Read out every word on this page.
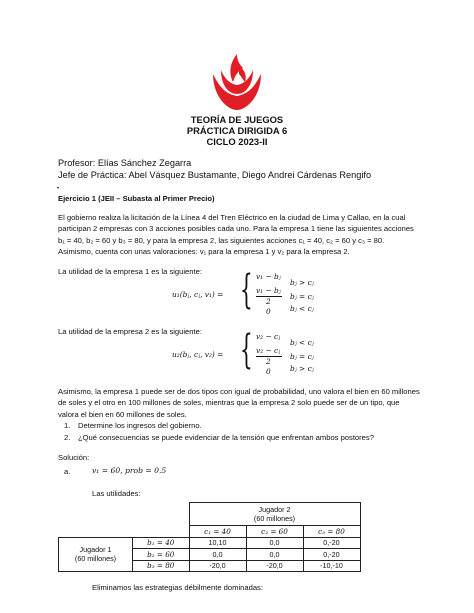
TEORÍA DE JUEGOS
PRÁCTICA DIRIGIDA 6
CICLO 2023-II
Profesor: Elías Sánchez Zegarra
Jefe de Práctica: Abel Vásquez Bustamante, Diego Andrei Cárdenas Rengifo
•
Ejercicio 1 (JEII – Subasta al Primer Precio)
El gobierno realiza la licitación de la Línea 4 del Tren Eléctrico en la ciudad de Lima y Callao, en la cual
participan 2 empresas con 3 acciones posibles cada uno. Para la empresa 1 tiene las siguientes acciones
b₁ = 40, b₂ = 60 y b₃ = 80, y para la empresa 2, las siguientes acciones c₁ = 40, c₂ = 60 y c₃ = 80.
Asimismo, cuenta con unas valoraciones: v₁ para la empresa 1 y v₂ para la empresa 2.
La utilidad de la empresa 1 es la siguiente:
u₁(bⱼ, cⱼ, v₁) = { v₁ − bⱼ
bⱼ > cⱼ
v₁ − bⱼ
2
bⱼ = cⱼ
0	bⱼ < cⱼ
La utilidad de la empresa 2 es la siguiente:
u₂(bⱼ, cⱼ, v₂) = { v₂ − cⱼ
bⱼ < cⱼ
v₂ − cⱼ
2
bⱼ = cⱼ
0	bⱼ > cⱼ
Asimismo, la empresa 1 puede ser de dos tipos con igual de probabilidad, uno valora el bien en 60 millones
de soles y el otro en 100 millones de soles, mientras que la empresa 2 solo puede ser de un tipo, que
valora el bien en 60 millones de soles.
1. Determine los ingresos del gobierno.
2. ¿Qué consecuencias se puede evidenciar de la tensión que enfrentan ambos postores?
Solución:
a.	v₁ = 60, prob = 0.5
Las utilidades:

		Jugador 2
(60 millones)		

		c₁ = 40	c₂ = 60	c₃ = 80

Jugador 1
(60 millones)	b₁ = 40	10,10	0,0	0,-20
	b₂ = 60	0,0	0,0	0,-20
	b₃ = 80	-20,0	-20,0	-10,-10
Eliminamos las estrategias débilmente dominadas:
